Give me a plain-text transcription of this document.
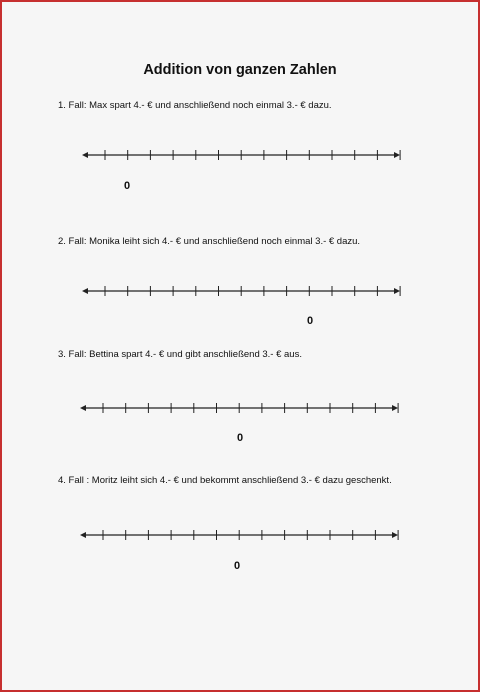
Addition von ganzen Zahlen
1. Fall: Max spart 4.- € und anschließend noch einmal 3.- € dazu.
0
2. Fall: Monika leiht sich 4.- € und anschließend noch einmal 3.- € dazu.
0
3. Fall: Bettina spart 4.- € und gibt anschließend 3.- € aus.
0
4. Fall : Moritz leiht sich 4.- € und bekommt anschließend 3.- € dazu geschenkt.
0
